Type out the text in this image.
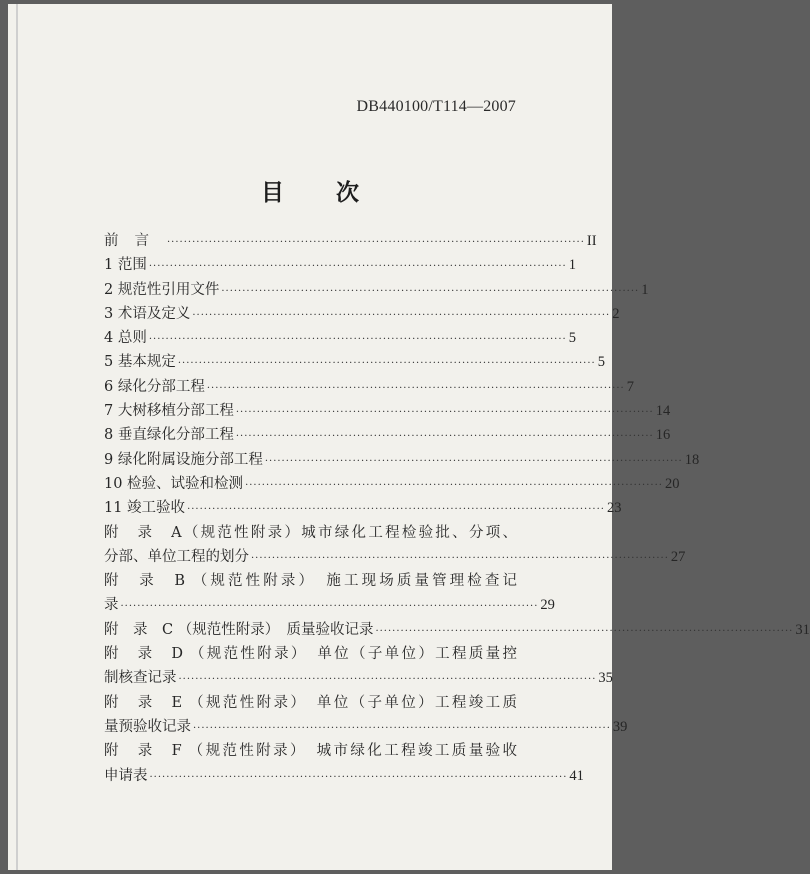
DB440100/T114—2007

目次
前言 ···································································································· II
1 范围 ···································································································· 1
2 规范性引用文件 ···································································································· 1
3 术语及定义 ···································································································· 2
4 总则 ···································································································· 5
5 基本规定 ···································································································· 5
6 绿化分部工程 ···································································································· 7
7 大树移植分部工程 ···································································································· 14
8 垂直绿化分部工程 ···································································································· 16
9 绿化附属设施分部工程 ···································································································· 18
10 检验、试验和检测 ···································································································· 20
11 竣工验收 ···································································································· 23
附　录　A（规范性附录）城市绿化工程检验批、分项、
分部、单位工程的划分 ···································································································· 27
附　录　B （规范性附录）　施工现场质量管理检查记
录 ···································································································· 29
附　录　C （规范性附录）　质量验收记录 ···································································································· 31
附　录　D （规范性附录）　单位（子单位）工程质量控
制核查记录 ···································································································· 35
附　录　E （规范性附录）　单位（子单位）工程竣工质
量预验收记录 ···································································································· 39
附　录　F （规范性附录）　城市绿化工程竣工质量验收
申请表 ···································································································· 41
